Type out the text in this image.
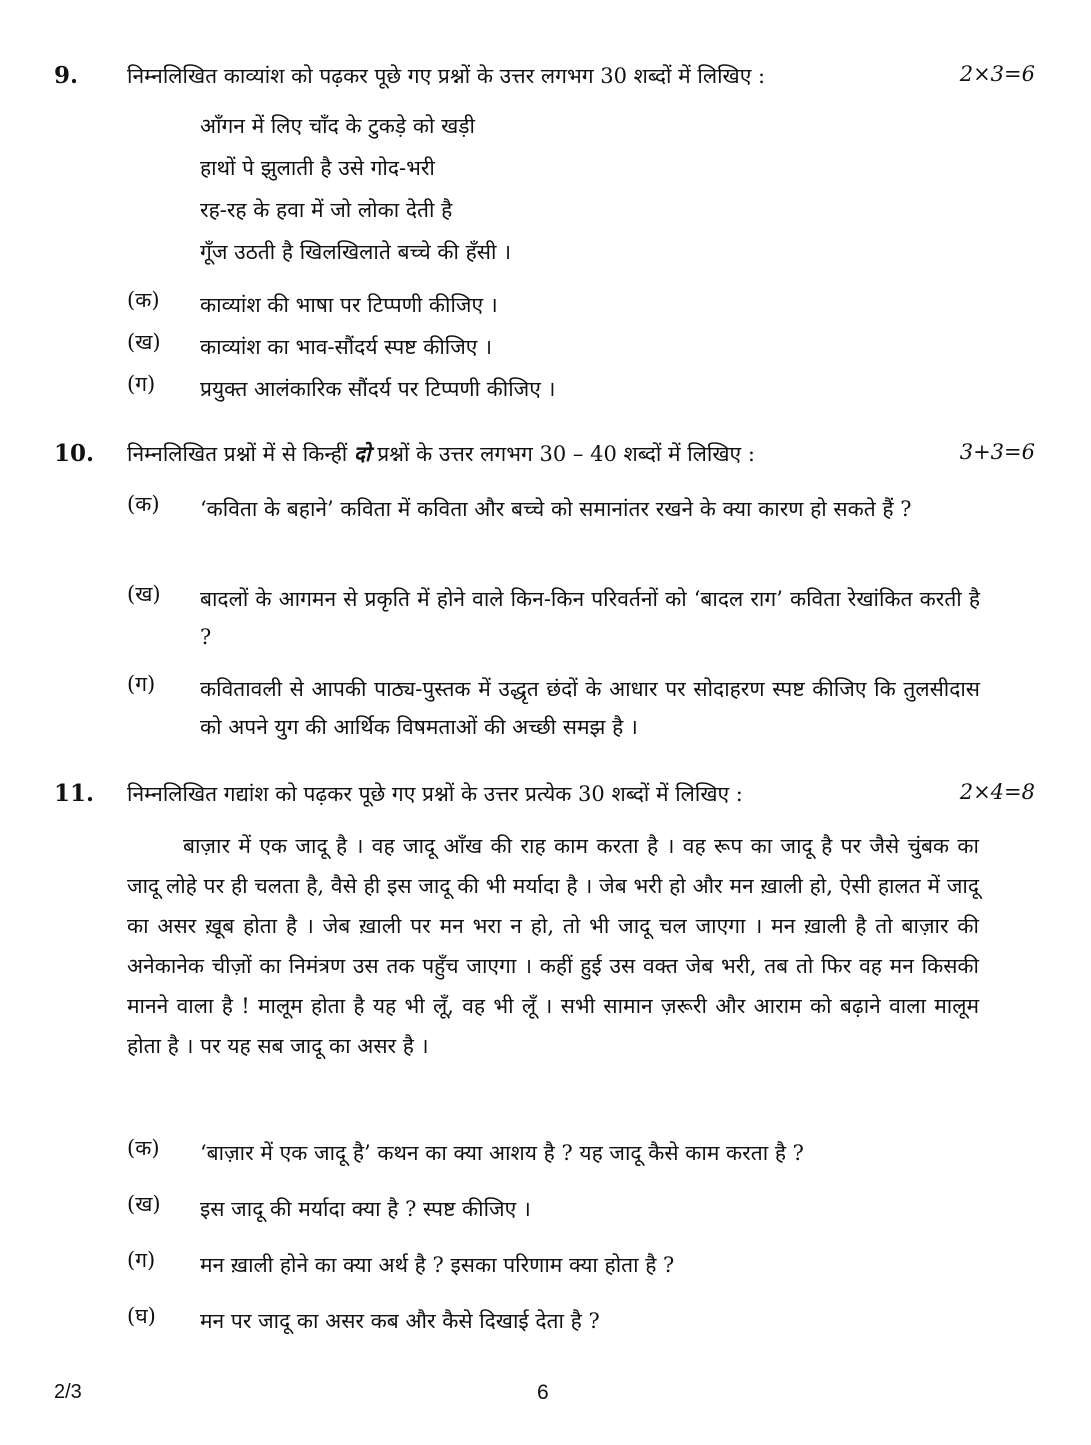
9. निम्नलिखित काव्यांश को पढ़कर पूछे गए प्रश्नों के उत्तर लगभग 30 शब्दों में लिखिए :	2×3=6
आँगन में लिए चाँद के टुकड़े को खड़ी
हाथों पे झुलाती है उसे गोद-भरी
रह-रह के हवा में जो लोका देती है
गूँज उठती है खिलखिलाते बच्चे की हँसी ।
(क) काव्यांश की भाषा पर टिप्पणी कीजिए ।
(ख) काव्यांश का भाव-सौंदर्य स्पष्ट कीजिए ।
(ग) प्रयुक्त आलंकारिक सौंदर्य पर टिप्पणी कीजिए ।
10. निम्नलिखित प्रश्नों में से किन्हीं दो प्रश्नों के उत्तर लगभग 30 – 40 शब्दों में लिखिए :	3+3=6
(क) ‘कविता के बहाने’ कविता में कविता और बच्चे को समानांतर रखने के क्या कारण हो सकते हैं ?
(ख) बादलों के आगमन से प्रकृति में होने वाले किन-किन परिवर्तनों को ‘बादल राग’ कविता रेखांकित करती है ?
(ग) कवितावली से आपकी पाठ्य-पुस्तक में उद्धृत छंदों के आधार पर सोदाहरण स्पष्ट कीजिए कि तुलसीदास को अपने युग की आर्थिक विषमताओं की अच्छी समझ है ।
11. निम्नलिखित गद्यांश को पढ़कर पूछे गए प्रश्नों के उत्तर प्रत्येक 30 शब्दों में लिखिए :	2×4=8
बाज़ार में एक जादू है । वह जादू आँख की राह काम करता है । वह रूप का जादू है पर जैसे चुंबक का जादू लोहे पर ही चलता है, वैसे ही इस जादू की भी मर्यादा है । जेब भरी हो और मन ख़ाली हो, ऐसी हालत में जादू का असर ख़ूब होता है । जेब ख़ाली पर मन भरा न हो, तो भी जादू चल जाएगा । मन ख़ाली है तो बाज़ार की अनेकानेक चीज़ों का निमंत्रण उस तक पहुँच जाएगा । कहीं हुई उस वक्त जेब भरी, तब तो फिर वह मन किसकी मानने वाला है ! मालूम होता है यह भी लूँ, वह भी लूँ । सभी सामान ज़रूरी और आराम को बढ़ाने वाला मालूम होता है । पर यह सब जादू का असर है ।
(क) ‘बाज़ार में एक जादू है’ कथन का क्या आशय है ? यह जादू कैसे काम करता है ?
(ख) इस जादू की मर्यादा क्या है ? स्पष्ट कीजिए ।
(ग) मन ख़ाली होने का क्या अर्थ है ? इसका परिणाम क्या होता है ?
(घ) मन पर जादू का असर कब और कैसे दिखाई देता है ?
2/3	6
